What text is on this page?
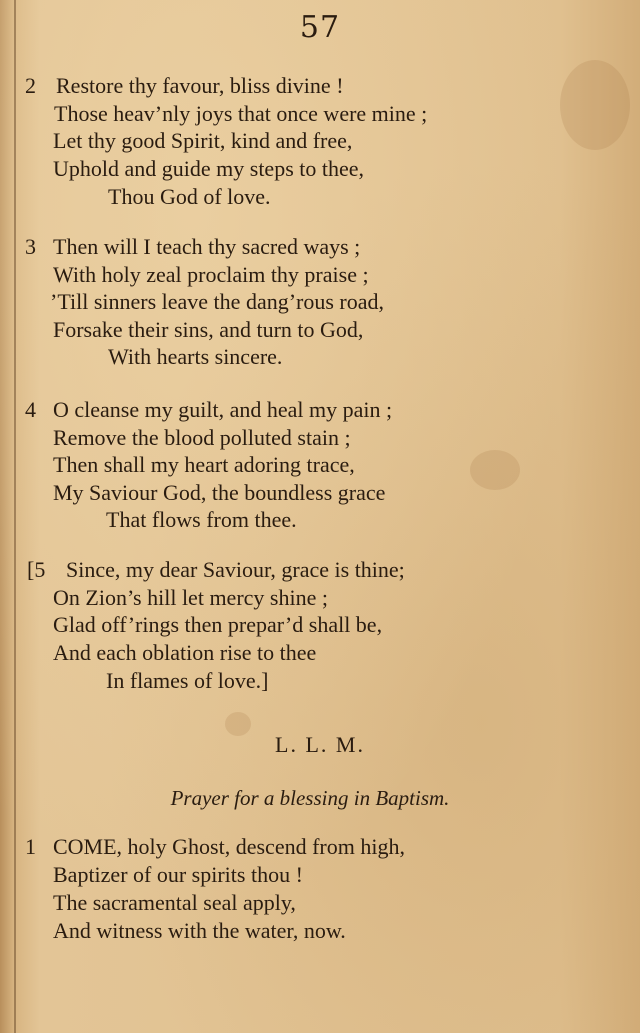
57
2 Restore thy favour, bliss divine !
Those heav’nly joys that once were mine ;
Let thy good Spirit, kind and free,
Uphold and guide my steps to thee,
Thou God of love.
3 Then will I teach thy sacred ways ;
With holy zeal proclaim thy praise ;
’Till sinners leave the dang’rous road,
Forsake their sins, and turn to God,
With hearts sincere.
4 O cleanse my guilt, and heal my pain ;
Remove the blood polluted stain ;
Then shall my heart adoring trace,
My Saviour God, the boundless grace
That flows from thee.
[5 Since, my dear Saviour, grace is thine;
On Zion’s hill let mercy shine ;
Glad off’rings then prepar’d shall be,
And each oblation rise to thee
In flames of love.]
L. L. M.
Prayer for a blessing in Baptism.
1 COME, holy Ghost, descend from high,
Baptizer of our spirits thou !
The sacramental seal apply,
And witness with the water, now.
